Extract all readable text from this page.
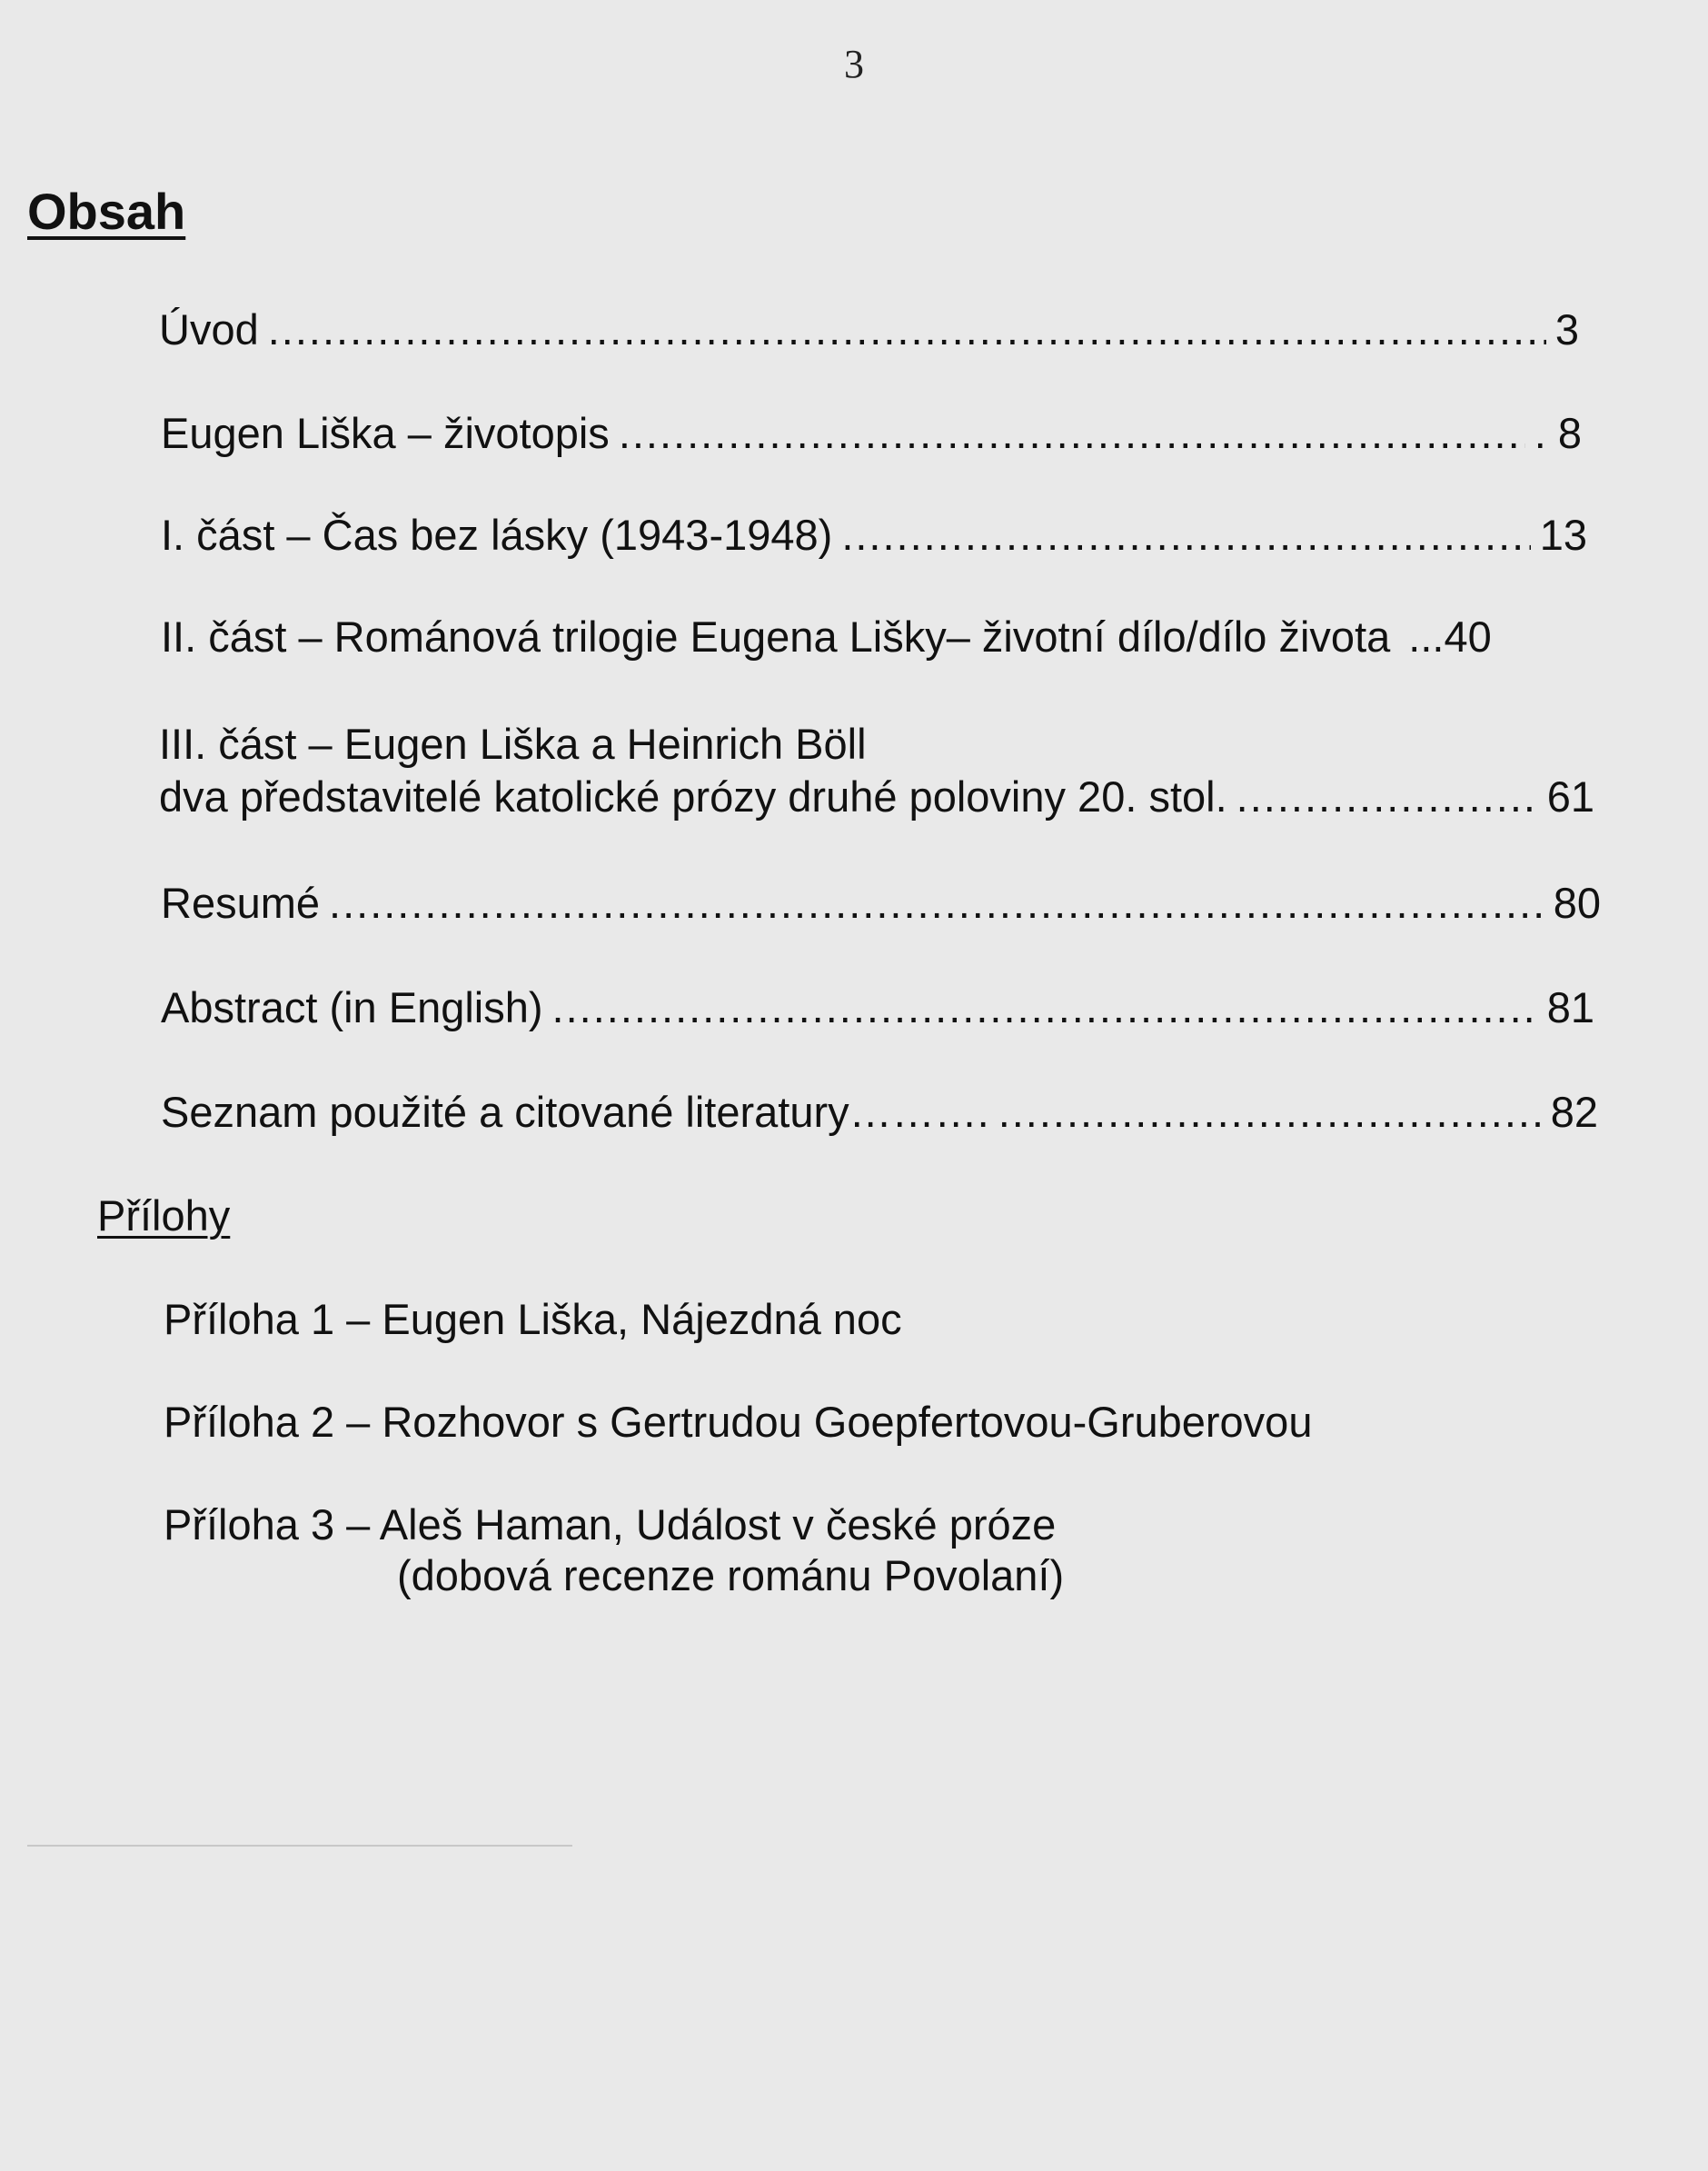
3
Obsah
Úvod .....	3
Eugen Liška – životopis .....	. 8
I. část – Čas bez lásky (1943-1948) .....	13
II. část – Románová trilogie Eugena Lišky– životní dílo/dílo života ...40
III. část – Eugen Liška a Heinrich Böll
dva představitelé katolické prózy druhé poloviny 20. stol. .....	61
Resumé .....	80
Abstract (in English) .....	81
Seznam použité a citované literatury………. .....	82
Přílohy
Příloha 1 – Eugen Liška, Nájezdná noc
Příloha 2 – Rozhovor s Gertrudou Goepfertovou-Gruberovou
Příloha 3 – Aleš Haman, Událost v české próze
(dobová recenze románu Povolaní)
